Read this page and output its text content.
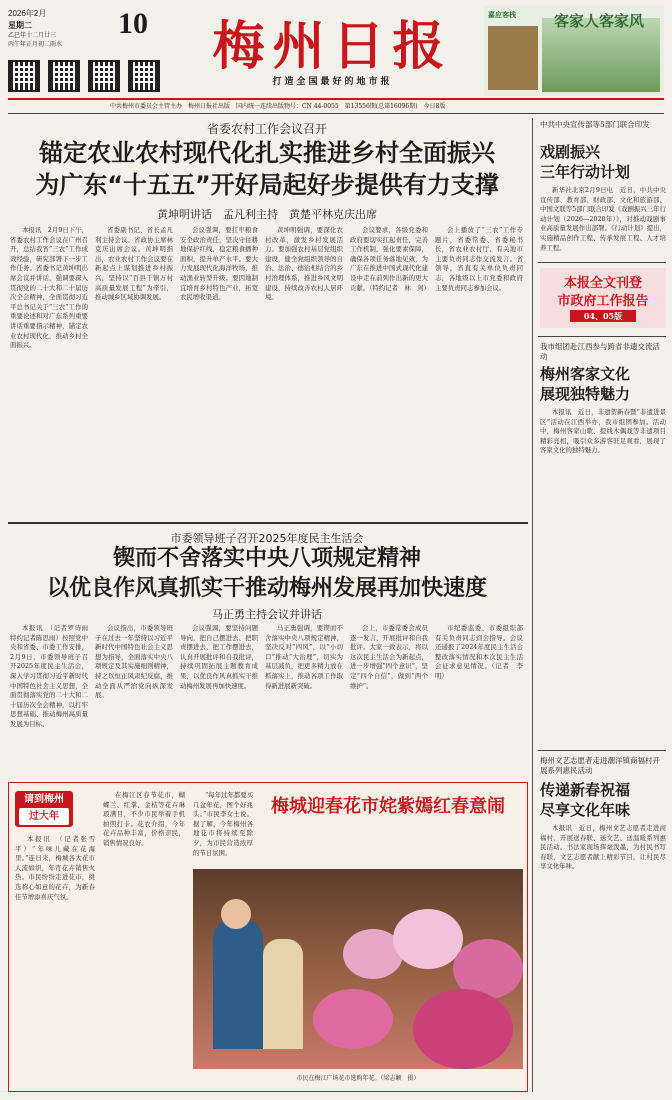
2026年2月
星期二
乙巳年十二月廿三
丙午年正月初二雨水
10 梅州日报
打造全国最好的地市报
嘉应客栈	客家人客家风
中共梅州市委员会主管主办　梅州日报社出版　国内统一连续出版物号：CN 44-0055　第13556期(总第16096期)　今日8版
省委农村工作会议召开
锚定农业农村现代化扎实推进乡村全面振兴
为广东“十五五”开好局起好步提供有力支撑
黄坤明讲话　孟凡利主持　黄楚平林克庆出席
本报讯　2月9日下午，省委农村工作会议在广州召开，总结我省“三农”工作成效经验，研究部署下一步工作任务。省委书记黄坤明出席会议并讲话，强调要深入贯彻党的二十大和二十届历次全会精神，全面贯彻习近平总书记关于“三农”工作的重要论述和对广东系列重要讲话重要指示精神，锚定农业农村现代化，推动乡村全面振兴。
省委副书记、省长孟凡利主持会议。省政协主席林克庆出席会议。黄坤明指出，农业农村工作会议要在新起点上谋划推进乡村振兴，坚持以“百县千镇万村高质量发展工程”为牵引，推动城乡区域协调发展。
会议强调，要扛牢粮食安全政治责任，坚决守住耕地保护红线，稳定粮食播种面积，提升单产水平。要大力发展现代化海洋牧场，推动渔业转型升级。要因地制宜培育乡村特色产业，拓宽农民增收渠道。
黄坤明强调，要深化农村改革，激发乡村发展活力。要加强农村基层党组织建设，健全党组织领导的自治、法治、德治相结合的乡村治理体系，推进乡风文明建设，持续改善农村人居环境。
会议要求，各级党委和政府要切实扛起责任，完善工作机制，强化要素保障，确保各项任务落地见效，为广东在推进中国式现代化建设中走在前列作出新的更大贡献。（特约记者　林　剑）
会上播放了“三农”工作专题片，省委常委、省委秘书长，省农业农村厅、有关地市主要负责同志作交流发言。省领导，省直有关单位负责同志，各地级以上市党委和政府主要负责同志参加会议。
市委领导班子召开2025年度民主生活会
锲而不舍落实中央八项规定精神
以优良作风真抓实干推动梅州发展再加快速度
马正勇主持会议并讲话
本报讯　（记者罗诗雨　特约记者陈思雨）按照党中央和省委、市委工作安排，2月9日，市委领导班子召开2025年度民主生活会，深入学习贯彻习近平新时代中国特色社会主义思想，全面贯彻落实党的二十大和二十届历次全会精神，以打牢思想基础、推动梅州高质量发展为目标。
会议指出，市委领导班子在过去一年坚持以习近平新时代中国特色社会主义思想为指导，全面落实中央八项规定及其实施细则精神，持之以恒正风肃纪反腐，推动全面从严治党向纵深发展。
会议强调，要坚持问题导向，把自己摆进去、把职责摆进去、把工作摆进去，认真开展批评和自我批评，持续巩固拓展主题教育成果，以优良作风真抓实干推动梅州发展再加快速度。
马正勇强调，要锲而不舍落实中央八项规定精神，坚决反对“四风”，以“小切口”推动“大治理”，切实为基层减负，把更多精力放在抓落实上，推动各项工作取得新进展新突破。
会上，市委常委会成员逐一发言，开展批评和自我批评。大家一致表示，将以这次民主生活会为新起点，进一步增强“四个意识”，坚定“四个自信”，做到“两个维护”。
市纪委监委、市委组织部有关负责同志到会指导。会议还通报了2024年度民主生活会整改落实情况和本次民主生活会征求意见情况。（记者　李　明）
请到梅州
过大年
本报讯　（记者张雪平）“年味儿藏在花海里。”连日来，梅城各大花市人流如织，年宵花卉销售火热。市民纷纷走进花市，挑选称心如意的花卉，为新春佳节增添喜庆气氛。
在梅江区春节花市，蝴蝶兰、红掌、金桔等花卉琳琅满目，不少市民举着手机拍照打卡。花农介绍，今年花卉品种丰富，价格亲民，销售情况良好。
“每年过年都要买几盆年花，图个好兆头。”市民李女士说。据了解，今年梅州各地花市将持续至除夕，为市民营造浓厚的节日氛围。
梅城迎春花市姹紫嫣红春意闹
市民在梅江广场花市选购年花。（梁志颖　摄）
中共中央宣传部等5部门联合印发
戏剧振兴
三年行动计划
新华社北京2月9日电　近日，中共中央宣传部、教育部、财政部、文化和旅游部、中国文联等5部门联合印发《戏剧振兴三年行动计划（2026—2028年）》，对推动戏剧事业高质量发展作出部署。《行动计划》提出，实施精品创作工程、传承发展工程、人才培养工程。
本报全文刊登
市政府工作报告
04、05版
我市组团赴江西参与跨省非遗交流活动
梅州客家文化
展现独特魅力
本报讯　近日，非遗贺新春暨“非遗进景区”活动在江西举办，我市组团参加。活动中，梅州客家山歌、提线木偶戏等非遗项目精彩亮相，吸引众多游客驻足观看，展现了客家文化的独特魅力。
梅州文艺志愿者走进潮洋镇商福村开展系列惠民活动
传递新春祝福
尽享文化年味
本报讯　近日，梅州文艺志愿者走进商福村，开展送春联、送文艺、送温暖系列惠民活动。书法家现场挥毫泼墨，为村民书写春联，文艺志愿者献上精彩节目，让村民尽享文化年味。
